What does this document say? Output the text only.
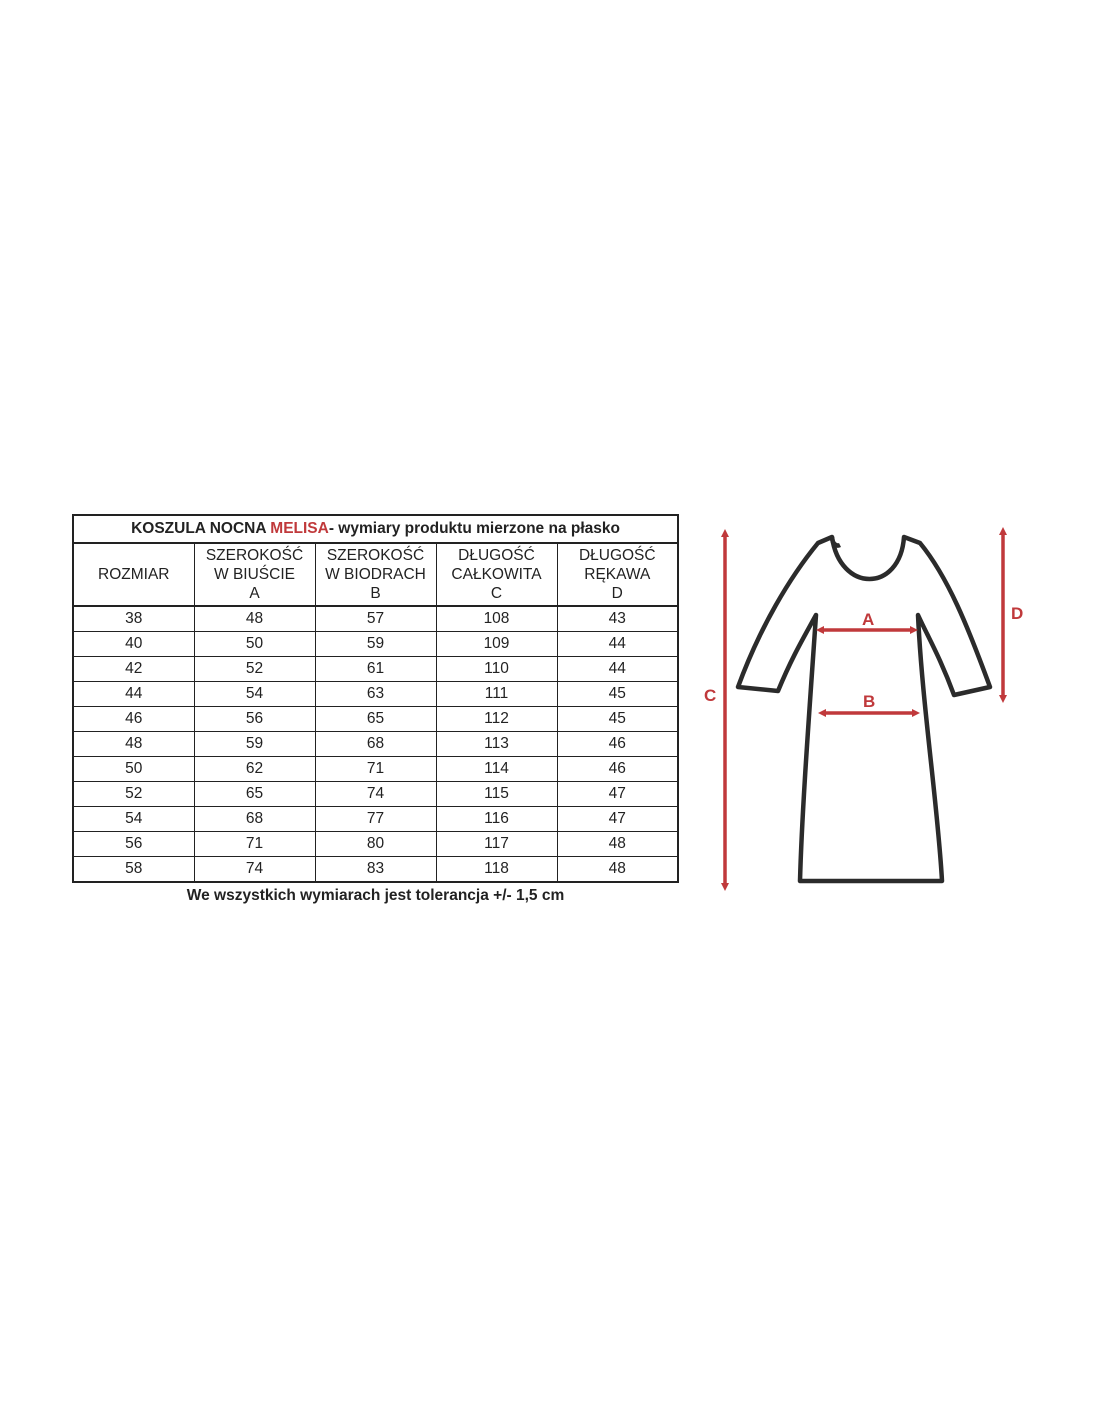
KOSZULA NOCNA MELISA- wymiary produktu mierzone na płasko				
ROZMIAR	SZEROKOŚĆ
W BIUŚCIE
A	SZEROKOŚĆ
W BIODRACH
B	DŁUGOŚĆ
CAŁKOWITA
C	DŁUGOŚĆ
RĘKAWA
D
38	48	57	108	43
40	50	59	109	44
42	52	61	110	44
44	54	63	111	45
46	56	65	112	45
48	59	68	113	46
50	62	71	114	46
52	65	74	115	47
54	68	77	116	47
56	71	80	117	48
58	74	83	118	48
We wszystkich wymiarach jest tolerancja +/- 1,5 cm
A
B
C
D
